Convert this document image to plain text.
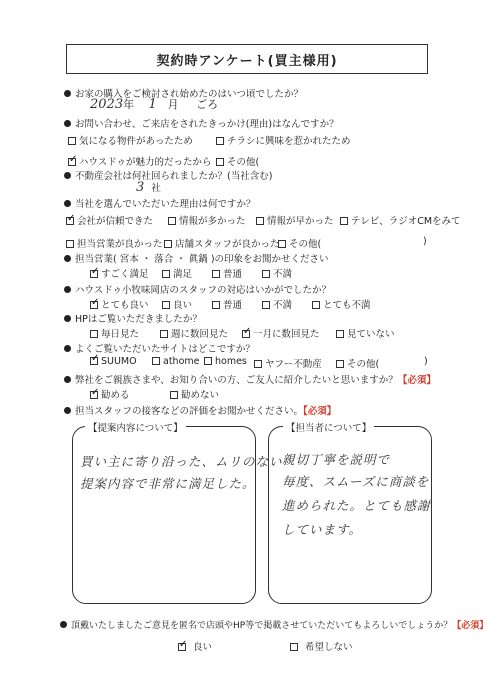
契約時アンケート(買主様用)
お家の購入をご検討され始めたのはいつ頃でしたか？
2023年 1 月 ごろ
お問い合わせ、ご来店をされたきっかけ(理由)はなんですか？
気になる物件があったため	チラシに興味を惹かれたため
✓ハウスドゥが魅力的だったから	その他(
不動産会社は何社回られましたか？(当社含む)
3 社
当社を選んでいただいた理由は何ですか？
✓会社が信頼できた	情報が多かった	情報が早かった	テレビ、ラジオCMをみて
担当営業が良かった	店舗スタッフが良かった その他(	)
担当営業( 宮本 ・ 落合 ・ 眞鍋 )の印象をお聞かせください
✓すごく満足	満足	普通	不満
ハウスドゥ小牧味岡店のスタッフの対応はいかがでしたか？
✓とても良い	良い	普通	不満	とても不満
HPはご覧いただきましたか？
毎日見た	週に数回見た
✓	一月に数回見た	見ていない
よくご覧いただいたサイトはどこですか？
✓SUUMO	athome	homes	ヤフー不動産	その他(	)
弊社をご親族さまや、お知り合いの方、ご友人に紹介したいと思いますか？【必須】
✓勧める	勧めない
担当スタッフの接客などの評価をお聞かせください。【必須】
【提案内容について】
買い主に寄り沿った、ムリのない
提案内容で非常に満足した。
【担当者について】
親切丁寧を説明で
毎度、スムーズに商談を
進められた。とても感謝
しています。
頂戴いたしましたご意見を匿名で店頭やHP等で掲載させていただいてもよろしいでしょうか？【必須】
✓良い	希望しない
